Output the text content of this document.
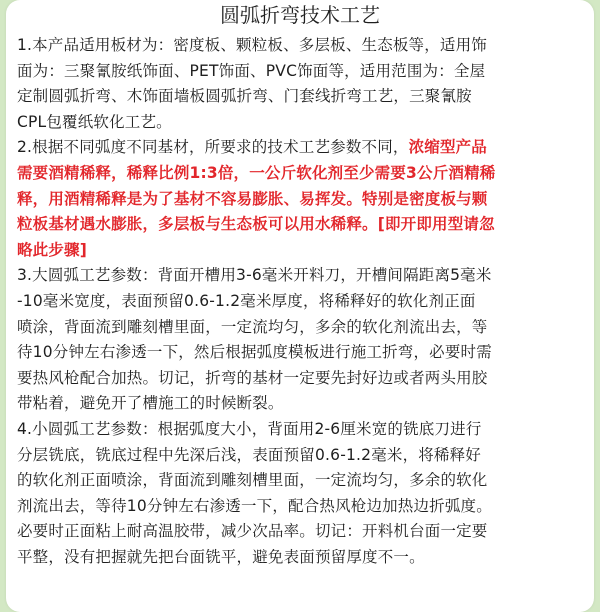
圆弧折弯技术工艺
1.本产品适用板材为：密度板、颗粒板、多层板、生态板等，适用饰
面为：三聚氰胺纸饰面、PET饰面、PVC饰面等，适用范围为：全屋
定制圆弧折弯、木饰面墙板圆弧折弯、门套线折弯工艺，三聚氰胺
CPL包覆纸软化工艺。
2.根据不同弧度不同基材，所要求的技术工艺参数不同，浓缩型产品
需要酒精稀释，稀释比例1:3倍，一公斤软化剂至少需要3公斤酒精稀
释，用酒精稀释是为了基材不容易膨胀、易挥发。特别是密度板与颗
粒板基材遇水膨胀，多层板与生态板可以用水稀释。[即开即用型请忽
略此步骤]
3.大圆弧工艺参数：背面开槽用3-6毫米开料刀，开槽间隔距离5毫米
-10毫米宽度，表面预留0.6-1.2毫米厚度，将稀释好的软化剂正面
喷涂，背面流到雕刻槽里面，一定流均匀，多余的软化剂流出去，等
待10分钟左右渗透一下，然后根据弧度模板进行施工折弯，必要时需
要热风枪配合加热。切记，折弯的基材一定要先封好边或者两头用胶
带粘着，避免开了槽施工的时候断裂。
4.小圆弧工艺参数：根据弧度大小，背面用2-6厘米宽的铣底刀进行
分层铣底，铣底过程中先深后浅，表面预留0.6-1.2毫米，将稀释好
的软化剂正面喷涂，背面流到雕刻槽里面，一定流均匀，多余的软化
剂流出去，等待10分钟左右渗透一下，配合热风枪边加热边折弧度。
必要时正面粘上耐高温胶带，减少次品率。切记：开料机台面一定要
平整，没有把握就先把台面铣平，避免表面预留厚度不一。
